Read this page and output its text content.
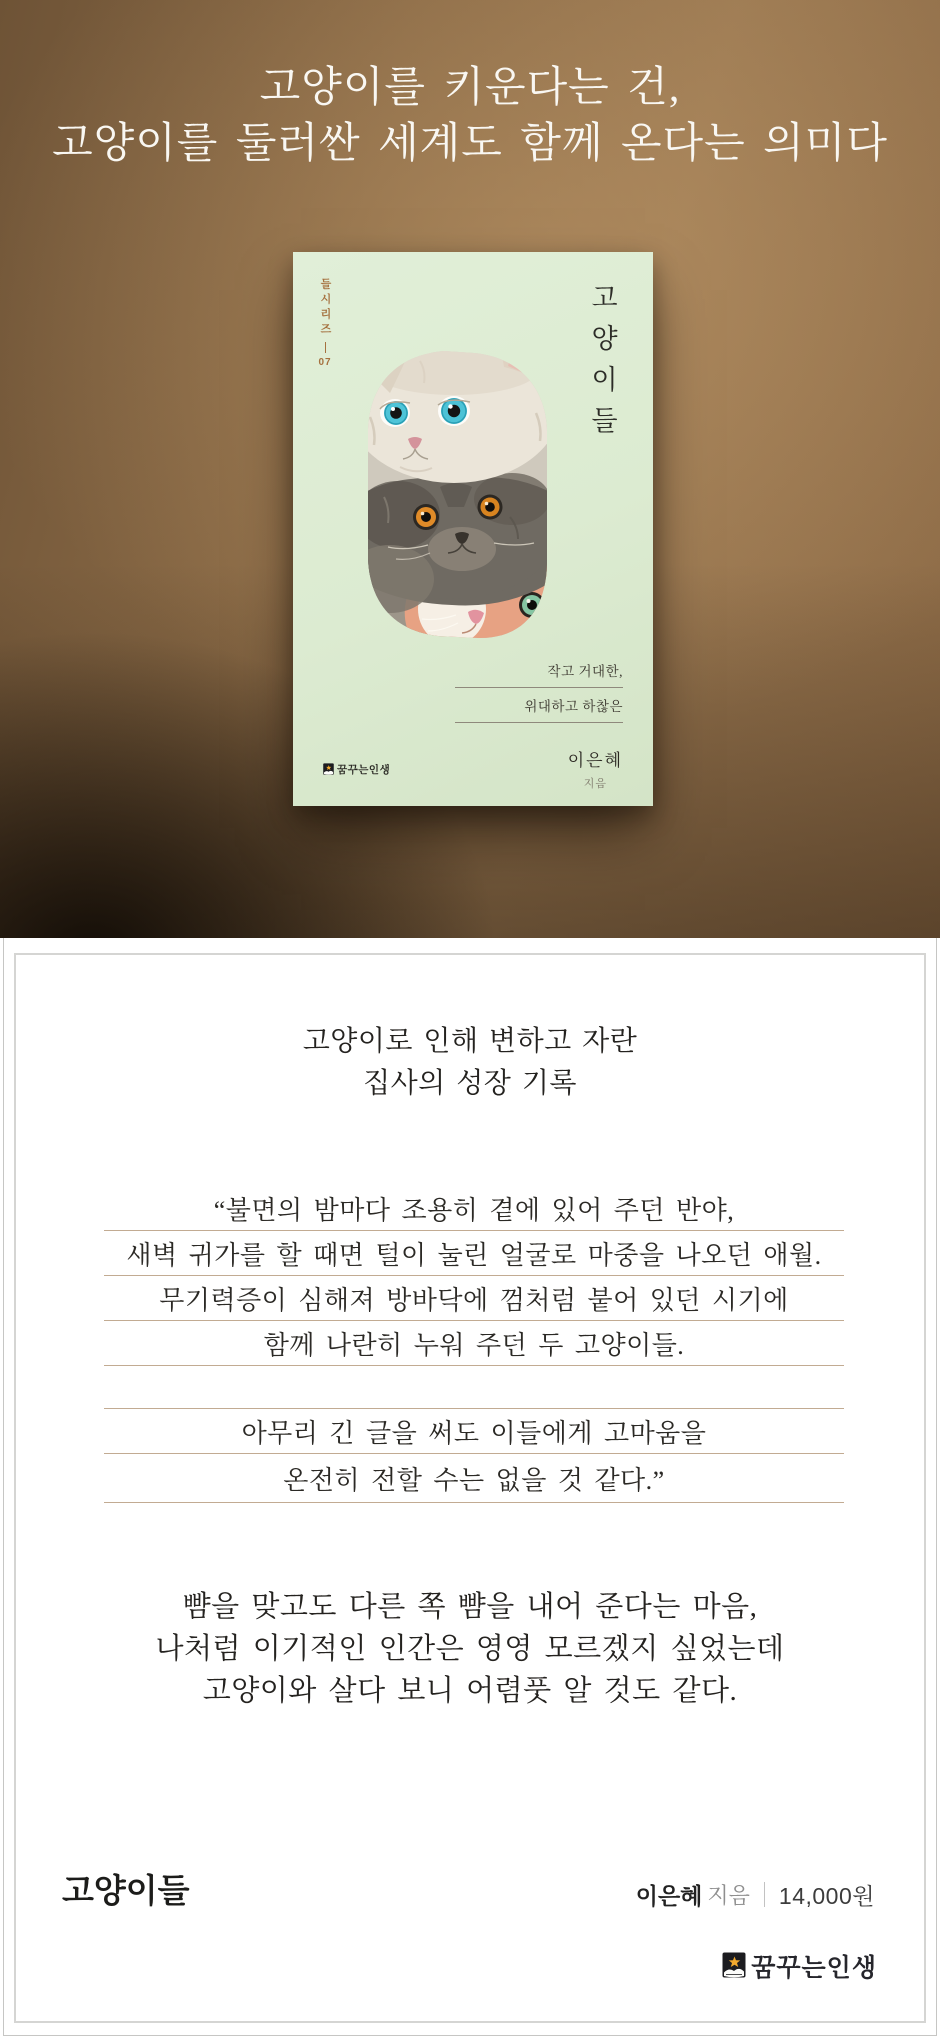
고양이를 키운다는 건,
고양이를 둘러싼 세계도 함께 온다는 의미다
들시리즈
07	고양이들
작고 거대한,
위대하고 하찮은
이은혜
지음
꿈꾸는인생
고양이로 인해 변하고 자란
집사의 성장 기록
“불면의 밤마다 조용히 곁에 있어 주던 반야,
새벽 귀가를 할 때면 털이 눌린 얼굴로 마중을 나오던 애월.
무기력증이 심해져 방바닥에 껌처럼 붙어 있던 시기에
함께 나란히 누워 주던 두 고양이들.
아무리 긴 글을 써도 이들에게 고마움을
온전히 전할 수는 없을 것 같다.”
뺨을 맞고도 다른 쪽 뺨을 내어 준다는 마음,
나처럼 이기적인 인간은 영영 모르겠지 싶었는데
고양이와 살다 보니 어렴풋 알 것도 같다.
고양이들	이은혜 지음 14,000원
꿈꾸는인생
